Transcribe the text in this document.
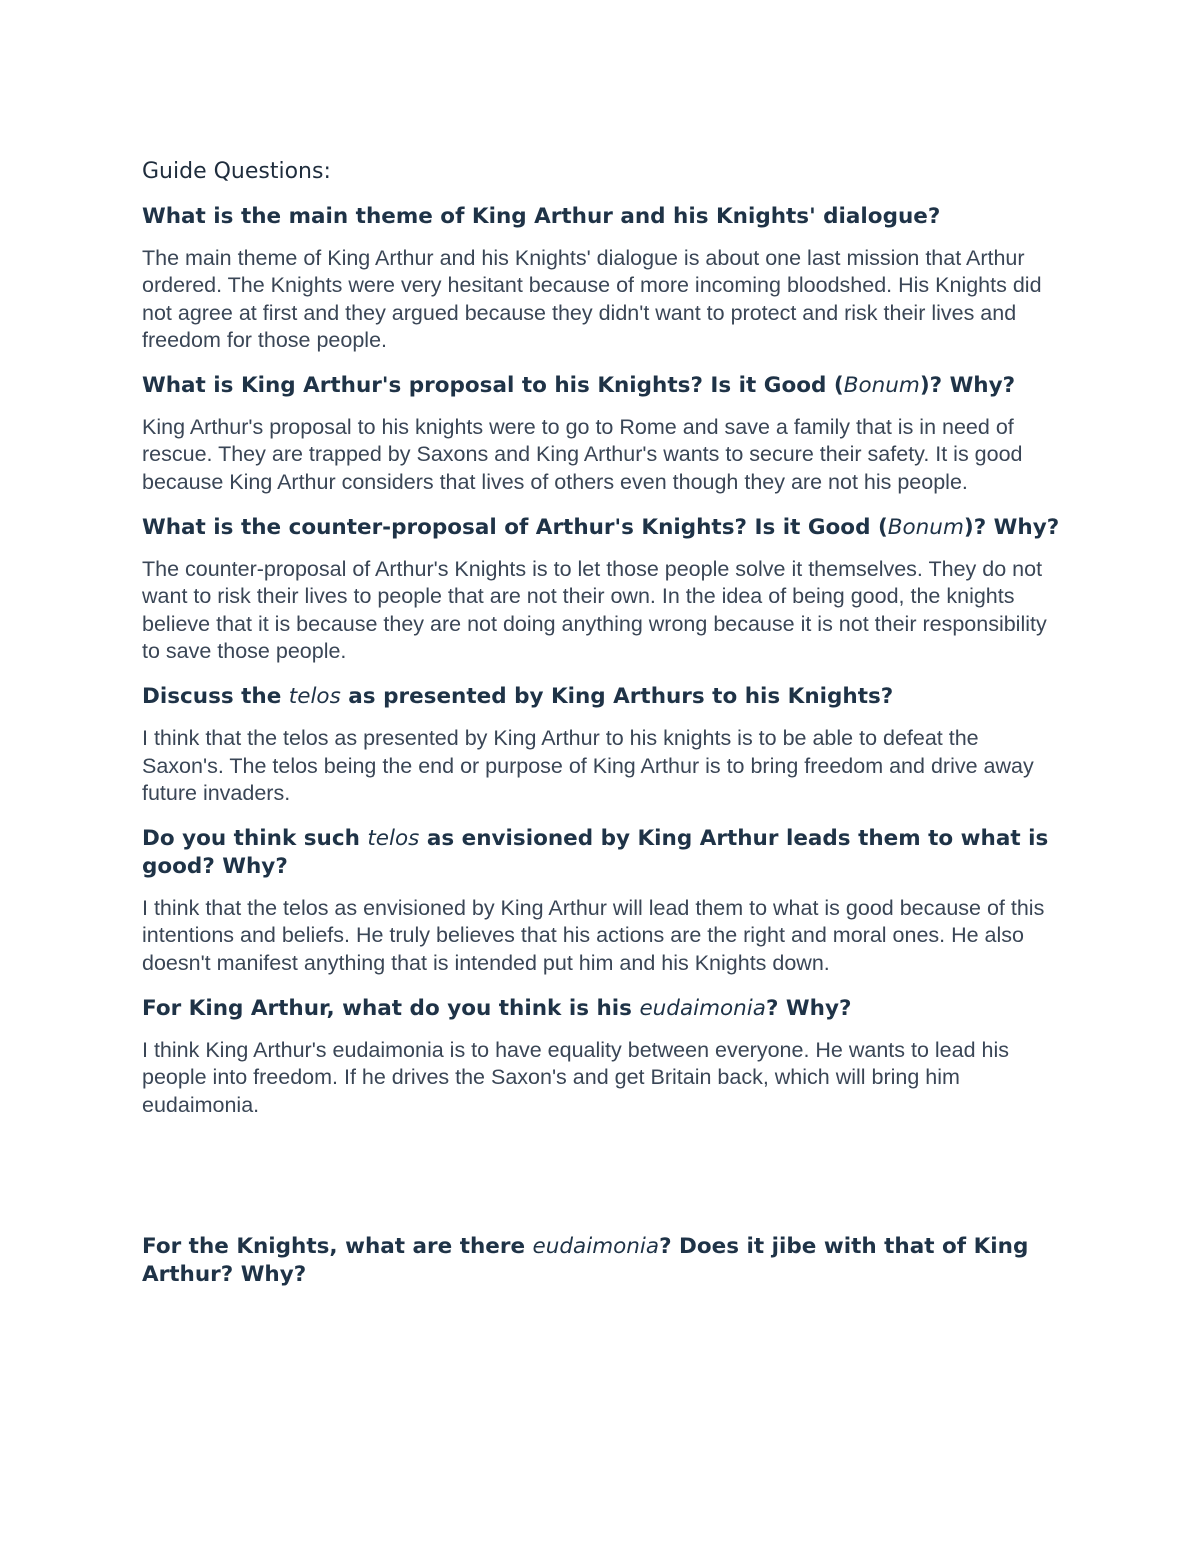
Guide Questions:

What is the main theme of King Arthur and his Knights' dialogue?

The main theme of King Arthur and his Knights' dialogue is about one last mission that Arthur ordered. The Knights were very hesitant because of more incoming bloodshed. His Knights did not agree at first and they argued because they didn't want to protect and risk their lives and freedom for those people.

What is King Arthur's proposal to his Knights? Is it Good (Bonum)? Why?

King Arthur's proposal to his knights were to go to Rome and save a family that is in need of rescue. They are trapped by Saxons and King Arthur's wants to secure their safety. It is good because King Arthur considers that lives of others even though they are not his people.

What is the counter-proposal of Arthur's Knights? Is it Good (Bonum)? Why?

The counter-proposal of Arthur's Knights is to let those people solve it themselves. They do not want to risk their lives to people that are not their own. In the idea of being good, the knights believe that it is because they are not doing anything wrong because it is not their responsibility to save those people.

Discuss the telos as presented by King Arthurs to his Knights?

I think that the telos as presented by King Arthur to his knights is to be able to defeat the Saxon's. The telos being the end or purpose of King Arthur is to bring freedom and drive away future invaders.

Do you think such telos as envisioned by King Arthur leads them to what is good? Why?

I think that the telos as envisioned by King Arthur will lead them to what is good because of this intentions and beliefs. He truly believes that his actions are the right and moral ones. He also doesn't manifest anything that is intended put him and his Knights down.

For King Arthur, what do you think is his eudaimonia? Why?

I think King Arthur's eudaimonia is to have equality between everyone. He wants to lead his people into freedom. If he drives the Saxon's and get Britain back, which will bring him eudaimonia.

For the Knights, what are there eudaimonia? Does it jibe with that of King Arthur? Why?
